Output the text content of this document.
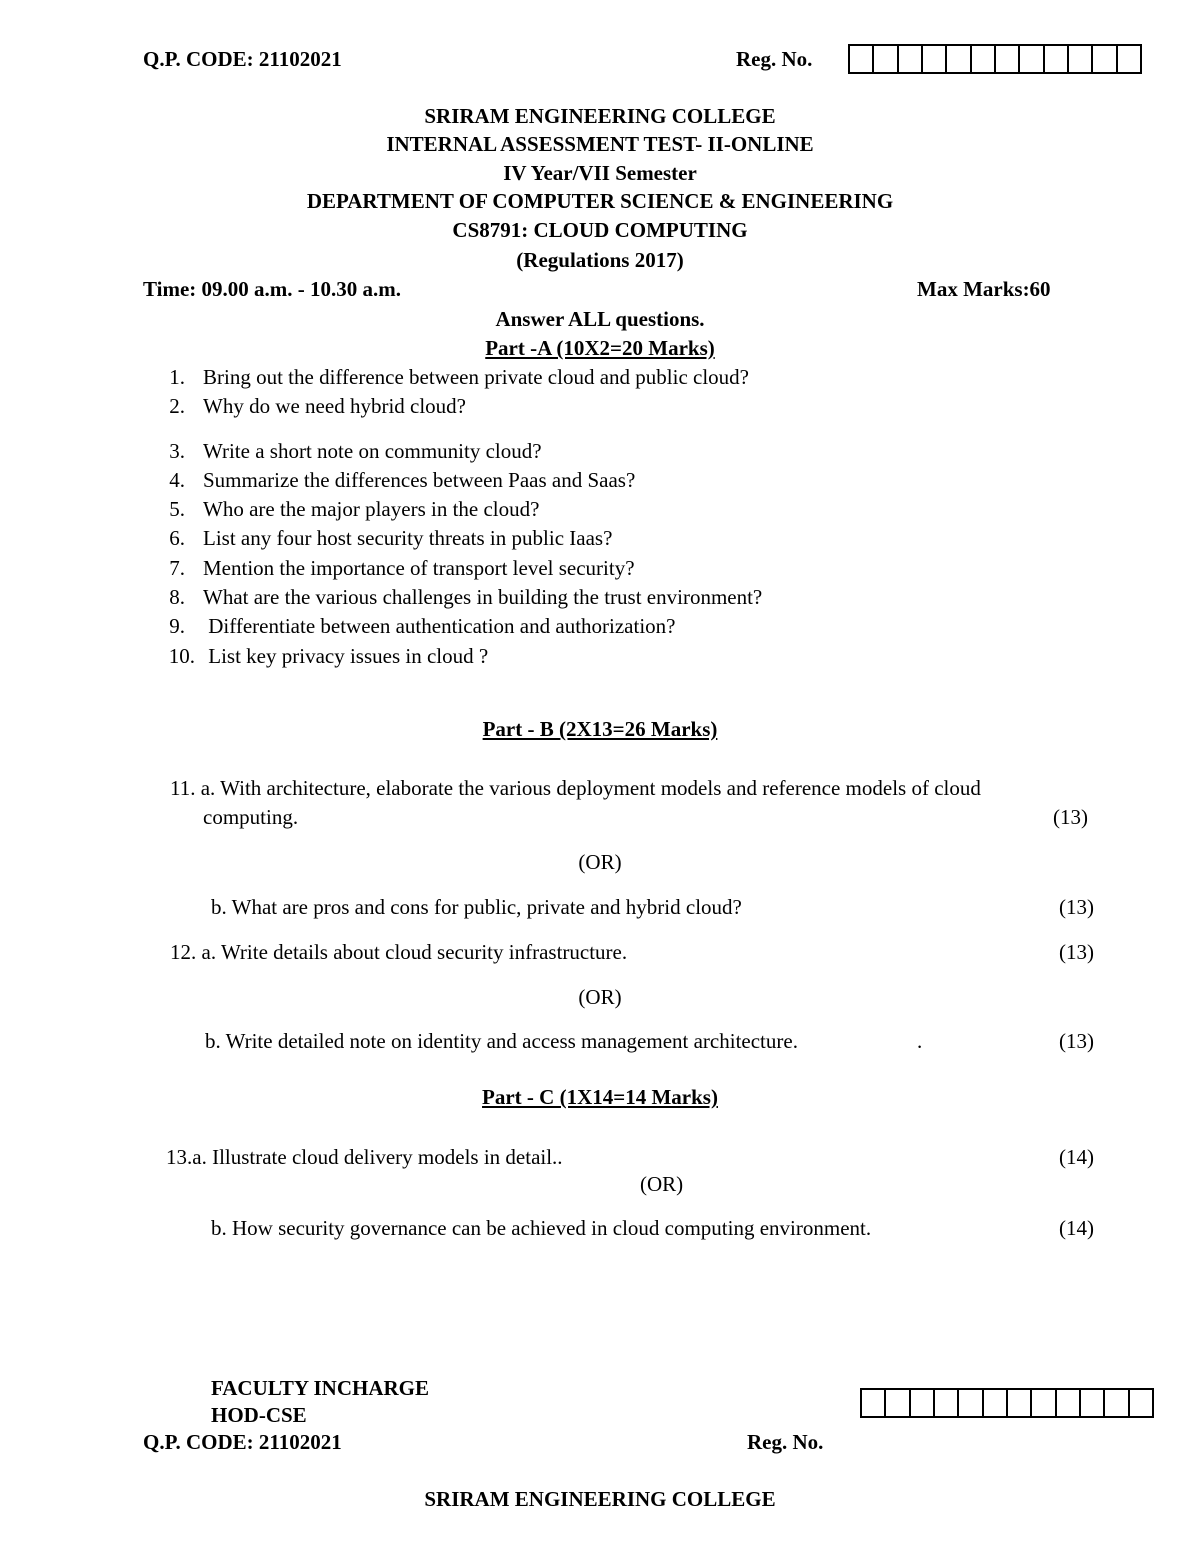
Q.P. CODE: 21102021	Reg. No.
SRIRAM ENGINEERING COLLEGE
INTERNAL ASSESSMENT TEST- II-ONLINE
IV Year/VII Semester
DEPARTMENT OF COMPUTER SCIENCE & ENGINEERING
CS8791: CLOUD COMPUTING
(Regulations 2017)
Time: 09.00 a.m. - 10.30 a.m.	Max Marks:60
Answer ALL questions.
Part -A (10X2=20 Marks)
1. Bring out the difference between private cloud and public cloud?
2. Why do we need hybrid cloud?
3. Write a short note on community cloud?
4. Summarize the differences between Paas and Saas?
5. Who are the major players in the cloud?
6. List any four host security threats in public Iaas?
7. Mention the importance of transport level security?
8. What are the various challenges in building the trust environment?
9. Differentiate between authentication and authorization?
10. List key privacy issues in cloud ?
Part - B (2X13=26 Marks)
11. a. With architecture, elaborate the various deployment models and reference models of cloud
computing.	(13)
(OR)
b. What are pros and cons for public, private and hybrid cloud?	(13)
12. a. Write details about cloud security infrastructure.	(13)
(OR)
b. Write detailed note on identity and access management architecture.	.	(13)
Part - C (1X14=14 Marks)
13.a. Illustrate cloud delivery models in detail..	(14)
(OR)
b. How security governance can be achieved in cloud computing environment.	(14)
FACULTY INCHARGE
HOD-CSE
Q.P. CODE: 21102021	Reg. No.
SRIRAM ENGINEERING COLLEGE
